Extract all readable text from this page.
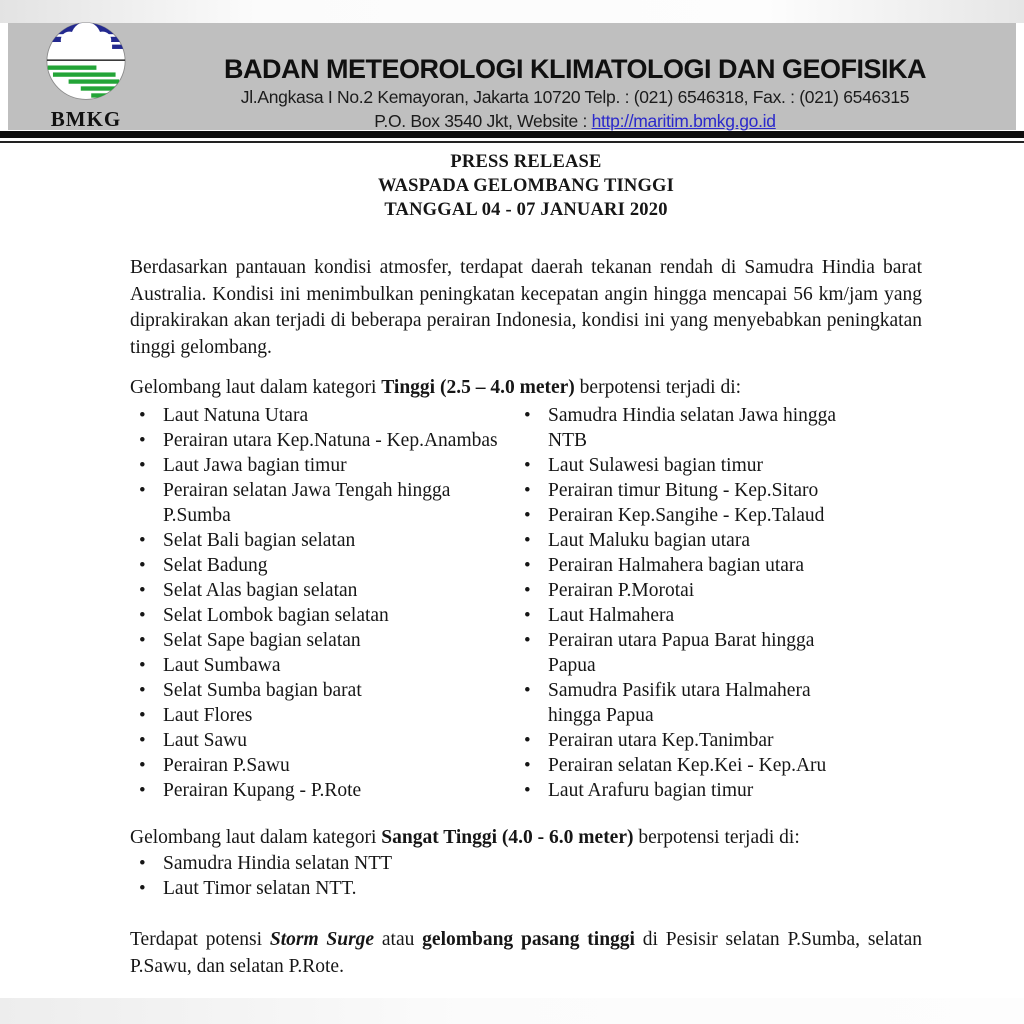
BADAN METEOROLOGI KLIMATOLOGI DAN GEOFISIKA
Jl.Angkasa I No.2 Kemayoran, Jakarta 10720 Telp. : (021) 6546318, Fax. : (021) 6546315
P.O. Box 3540 Jkt, Website : http://maritim.bmkg.go.id
BMKG
PRESS RELEASE
WASPADA GELOMBANG TINGGI
TANGGAL 04 - 07 JANUARI 2020
Berdasarkan pantauan kondisi atmosfer, terdapat daerah tekanan rendah di Samudra Hindia barat Australia. Kondisi ini menimbulkan peningkatan kecepatan angin hingga mencapai 56 km/jam yang diprakirakan akan terjadi di beberapa perairan Indonesia, kondisi ini yang menyebabkan peningkatan tinggi gelombang.
Gelombang laut dalam kategori Tinggi (2.5 – 4.0 meter) berpotensi terjadi di:
• Laut Natuna Utara
• Perairan utara Kep.Natuna - Kep.Anambas
• Laut Jawa bagian timur
• Perairan selatan Jawa Tengah hingga P.Sumba
• Selat Bali bagian selatan
• Selat Badung
• Selat Alas bagian selatan
• Selat Lombok bagian selatan
• Selat Sape bagian selatan
• Laut Sumbawa
• Selat Sumba bagian barat
• Laut Flores
• Laut Sawu
• Perairan P.Sawu
• Perairan Kupang - P.Rote
• Samudra Hindia selatan Jawa hingga NTB
• Laut Sulawesi bagian timur
• Perairan timur Bitung - Kep.Sitaro
• Perairan Kep.Sangihe - Kep.Talaud
• Laut Maluku bagian utara
• Perairan Halmahera bagian utara
• Perairan P.Morotai
• Laut Halmahera
• Perairan utara Papua Barat hingga Papua
• Samudra Pasifik utara Halmahera hingga Papua
• Perairan utara Kep.Tanimbar
• Perairan selatan Kep.Kei - Kep.Aru
• Laut Arafuru bagian timur
Gelombang laut dalam kategori Sangat Tinggi (4.0 - 6.0 meter) berpotensi terjadi di:
• Samudra Hindia selatan NTT
• Laut Timor selatan NTT.
Terdapat potensi Storm Surge atau gelombang pasang tinggi di Pesisir selatan P.Sumba, selatan P.Sawu, dan selatan P.Rote.
